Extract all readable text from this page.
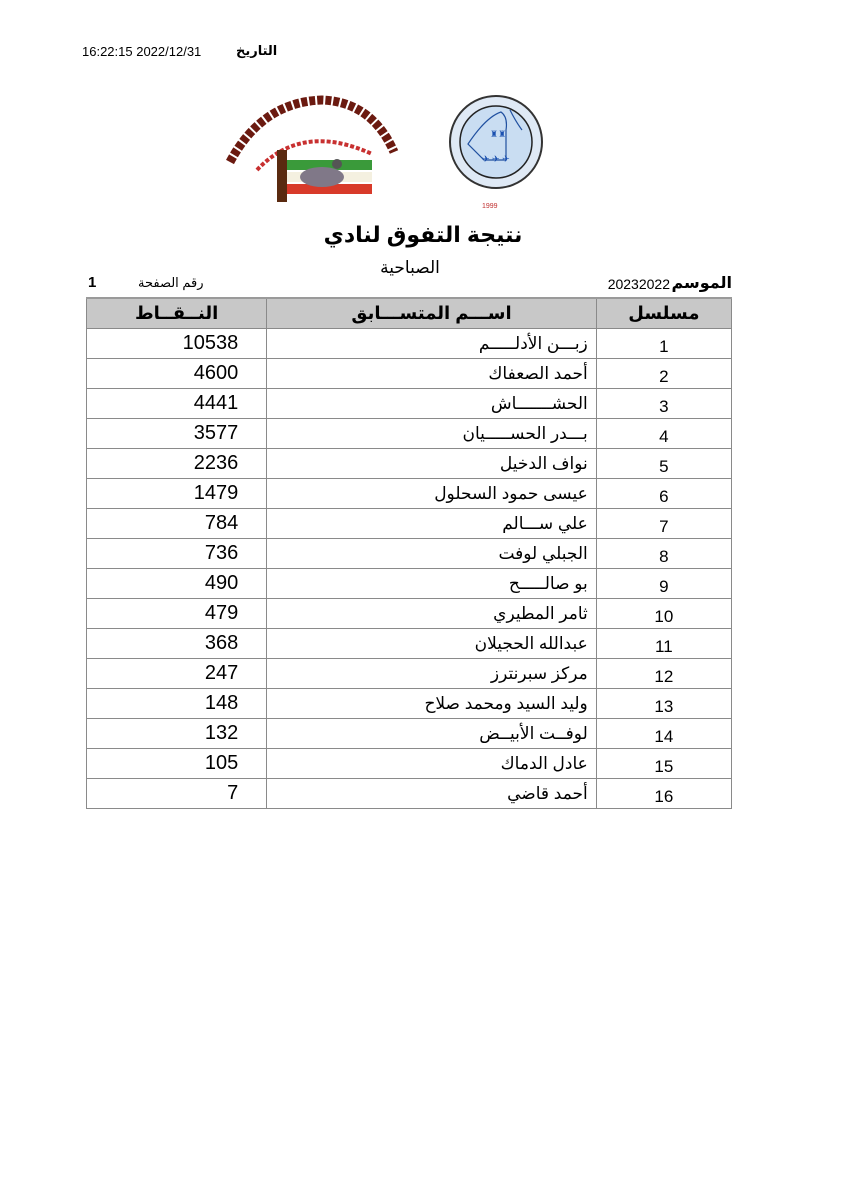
16:22:15 2022/12/31	التاريخ
♜♜
✈ ✈ ✈
1999
نتيجة التفوق لنادي
الصباحية
الموسم
20232022
رقم الصفحة
1
النــقــاط	اســـم المتســـابق	مسلسل
10538	زبـــن الأدلـــــم	1
4600	أحمد الصعفاك	2
4441	الحشـــــــاش	3
3577	بـــدر الحســـــيان	4
2236	نواف الدخيل	5
1479	عيسى حمود السحلول	6
784	علي ســـالم	7
736	الجبلي لوفت	8
490	بو صالـــــح	9
479	ثامر المطيري	10
368	عبدالله الحجيلان	11
247	مركز سبرنترز	12
148	وليد السيد ومحمد صلاح	13
132	لوفــت الأبيــض	14
105	عادل الدماك	15
7	أحمد قاضي	16
